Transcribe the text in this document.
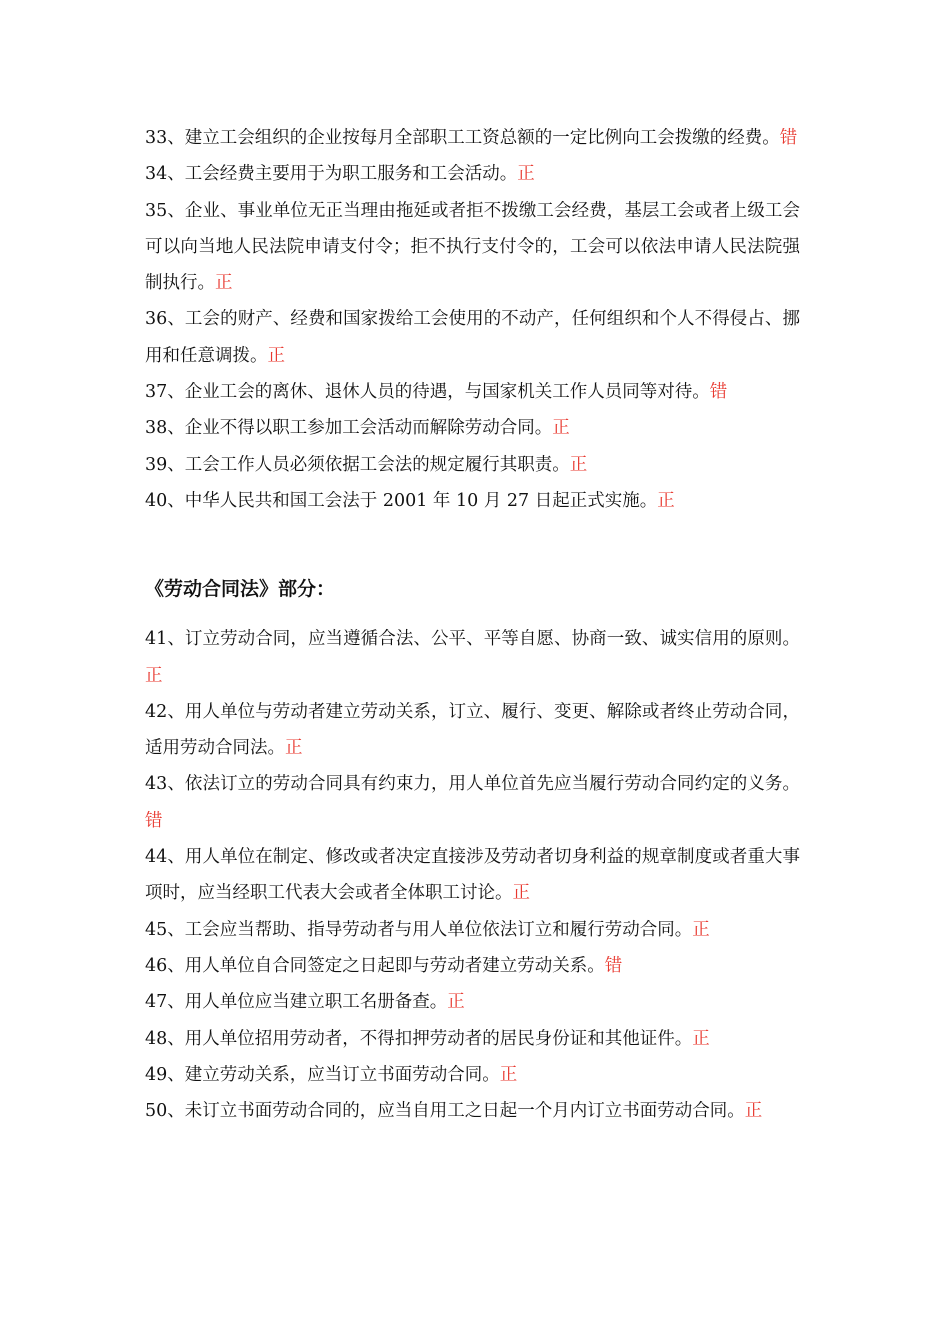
33、建立工会组织的企业按每月全部职工工资总额的一定比例向工会拨缴的经费。错

34、工会经费主要用于为职工服务和工会活动。正

35、企业、事业单位无正当理由拖延或者拒不拨缴工会经费，基层工会或者上级工会可以向当地人民法院申请支付令；拒不执行支付令的，工会可以依法申请人民法院强制执行。正

36、工会的财产、经费和国家拨给工会使用的不动产，任何组织和个人不得侵占、挪用和任意调拨。正

37、企业工会的离休、退休人员的待遇，与国家机关工作人员同等对待。错

38、企业不得以职工参加工会活动而解除劳动合同。正

39、工会工作人员必须依据工会法的规定履行其职责。正

40、中华人民共和国工会法于 2001 年 10 月 27 日起正式实施。正

《劳动合同法》部分：

41、订立劳动合同，应当遵循合法、公平、平等自愿、协商一致、诚实信用的原则。正

42、用人单位与劳动者建立劳动关系，订立、履行、变更、解除或者终止劳动合同，适用劳动合同法。正

43、依法订立的劳动合同具有约束力，用人单位首先应当履行劳动合同约定的义务。错

44、用人单位在制定、修改或者决定直接涉及劳动者切身利益的规章制度或者重大事项时，应当经职工代表大会或者全体职工讨论。正

45、工会应当帮助、指导劳动者与用人单位依法订立和履行劳动合同。正

46、用人单位自合同签定之日起即与劳动者建立劳动关系。错

47、用人单位应当建立职工名册备查。正

48、用人单位招用劳动者，不得扣押劳动者的居民身份证和其他证件。正

49、建立劳动关系，应当订立书面劳动合同。正

50、未订立书面劳动合同的，应当自用工之日起一个月内订立书面劳动合同。正
